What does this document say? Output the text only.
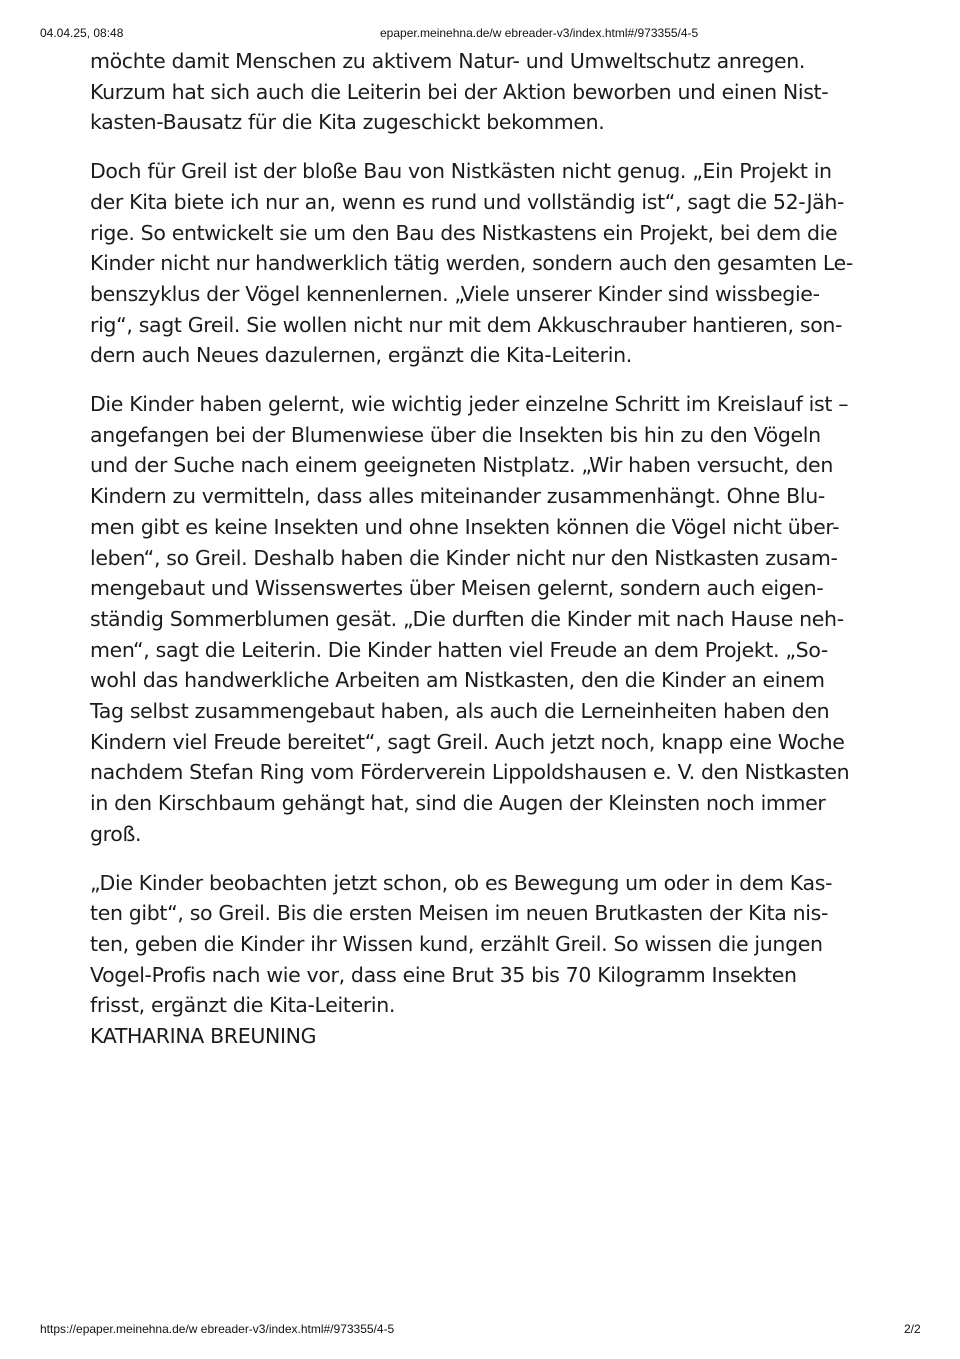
04.04.25, 08:48	epaper.meinehna.de/w ebreader-v3/index.html#/973355/4-5
möchte damit Menschen zu aktivem Natur- und Umweltschutz anregen.
Kurzum hat sich auch die Leiterin bei der Aktion beworben und einen Nist-
kasten-Bausatz für die Kita zugeschickt bekommen.
Doch für Greil ist der bloße Bau von Nistkästen nicht genug. „Ein Projekt in
der Kita biete ich nur an, wenn es rund und vollständig ist“, sagt die 52-Jäh-
rige. So entwickelt sie um den Bau des Nistkastens ein Projekt, bei dem die
Kinder nicht nur handwerklich tätig werden, sondern auch den gesamten Le-
benszyklus der Vögel kennenlernen. „Viele unserer Kinder sind wissbegie-
rig“, sagt Greil. Sie wollen nicht nur mit dem Akkuschrauber hantieren, son-
dern auch Neues dazulernen, ergänzt die Kita-Leiterin.
Die Kinder haben gelernt, wie wichtig jeder einzelne Schritt im Kreislauf ist –
angefangen bei der Blumenwiese über die Insekten bis hin zu den Vögeln
und der Suche nach einem geeigneten Nistplatz. „Wir haben versucht, den
Kindern zu vermitteln, dass alles miteinander zusammenhängt. Ohne Blu-
men gibt es keine Insekten und ohne Insekten können die Vögel nicht über-
leben“, so Greil. Deshalb haben die Kinder nicht nur den Nistkasten zusam-
mengebaut und Wissenswertes über Meisen gelernt, sondern auch eigen-
ständig Sommerblumen gesät. „Die durften die Kinder mit nach Hause neh-
men“, sagt die Leiterin. Die Kinder hatten viel Freude an dem Projekt. „So-
wohl das handwerkliche Arbeiten am Nistkasten, den die Kinder an einem
Tag selbst zusammengebaut haben, als auch die Lerneinheiten haben den
Kindern viel Freude bereitet“, sagt Greil. Auch jetzt noch, knapp eine Woche
nachdem Stefan Ring vom Förderverein Lippoldshausen e. V. den Nistkasten
in den Kirschbaum gehängt hat, sind die Augen der Kleinsten noch immer
groß.
„Die Kinder beobachten jetzt schon, ob es Bewegung um oder in dem Kas-
ten gibt“, so Greil. Bis die ersten Meisen im neuen Brutkasten der Kita nis-
ten, geben die Kinder ihr Wissen kund, erzählt Greil. So wissen die jungen
Vogel-Profis nach wie vor, dass eine Brut 35 bis 70 Kilogramm Insekten
frisst, ergänzt die Kita-Leiterin.
KATHARINA BREUNING
https://epaper.meinehna.de/w ebreader-v3/index.html#/973355/4-5	2/2
